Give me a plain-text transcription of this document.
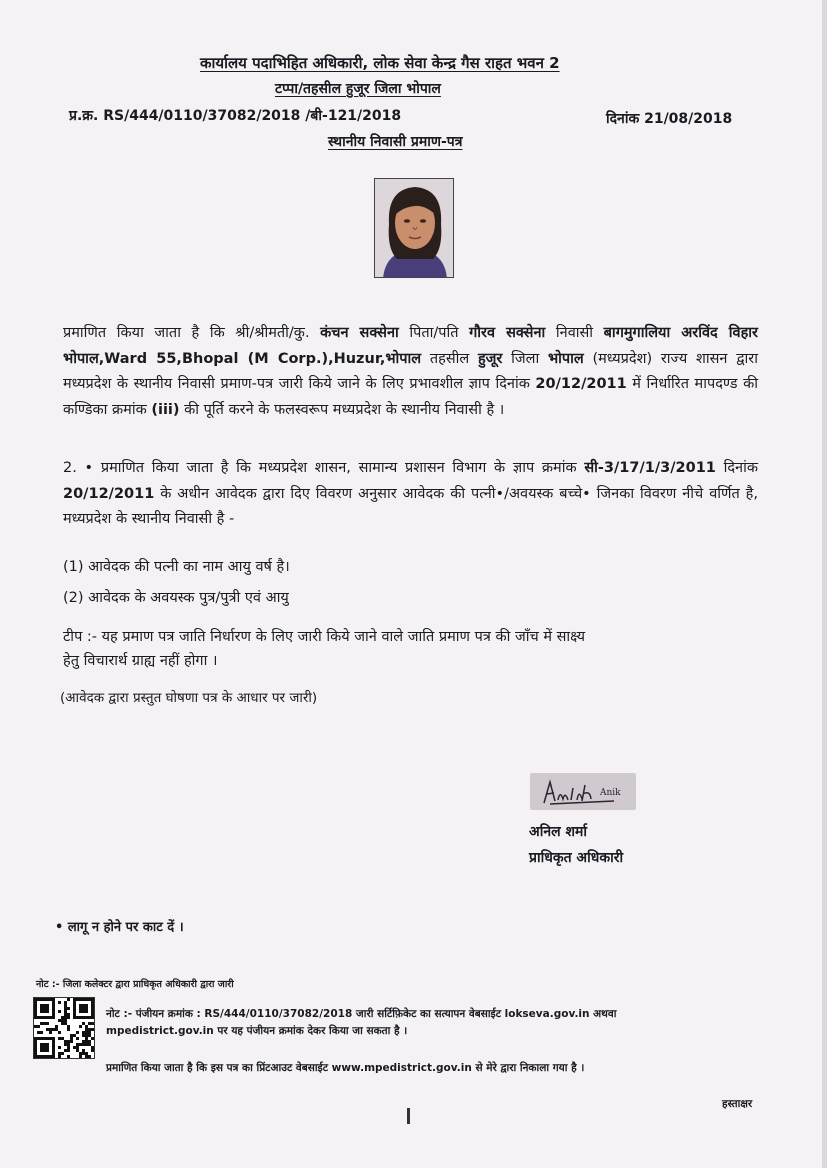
कार्यालय पदाभिहित अधिकारी, लोक सेवा केन्द्र गैस राहत भवन 2
टप्पा/तहसील हुजूर जिला भोपाल
प्र.क्र. RS/444/0110/37082/2018 /बी-121/2018	दिनांक 21/08/2018
स्थानीय निवासी प्रमाण-पत्र
प्रमाणित किया जाता है कि श्री/श्रीमती/कु. कंचन सक्सेना पिता/पति गौरव सक्सेना निवासी बागमुगालिया अरविंद विहार भोपाल,Ward 55,Bhopal (M Corp.),Huzur,भोपाल तहसील हुजूर जिला भोपाल (मध्यप्रदेश) राज्य शासन द्वारा मध्यप्रदेश के स्थानीय निवासी प्रमाण-पत्र जारी किये जाने के लिए प्रभावशील ज्ञाप दिनांक 20/12/2011 में निर्धारित मापदण्ड की कण्डिका क्रमांक (iii) की पूर्ति करने के फलस्वरूप मध्यप्रदेश के स्थानीय निवासी है ।
2. • प्रमाणित किया जाता है कि मध्यप्रदेश शासन, सामान्य प्रशासन विभाग के ज्ञाप क्रमांक सी-3/17/1/3/2011 दिनांक 20/12/2011 के अधीन आवेदक द्वारा दिए विवरण अनुसार आवेदक की पत्नी•/अवयस्क बच्चे• जिनका विवरण नीचे वर्णित है, मध्यप्रदेश के स्थानीय निवासी है -
(1) आवेदक की पत्नी का नाम आयु वर्ष है।
(2) आवेदक के अवयस्क पुत्र/पुत्री एवं आयु
टीप :- यह प्रमाण पत्र जाति निर्धारण के लिए जारी किये जाने वाले जाति प्रमाण पत्र की जाँच में साक्ष्य
हेतु विचारार्थ ग्राह्य नहीं होगा ।
(आवेदक द्वारा प्रस्तुत घोषणा पत्र के आधार पर जारी)
Anik
अनिल शर्मा
प्राधिकृत अधिकारी
• लागू न होने पर काट दें ।
नोट :- जिला कलेक्टर द्वारा प्राधिकृत अधिकारी द्वारा जारी
नोट :- पंजीयन क्रमांक : RS/444/0110/37082/2018 जारी सर्टिफ़िकेट का सत्यापन वेबसाईट lokseva.gov.in अथवा
mpedistrict.gov.in पर यह पंजीयन क्रमांक देकर किया जा सकता है ।
प्रमाणित किया जाता है कि इस पत्र का प्रिंटआउट वेबसाईट www.mpedistrict.gov.in से मेरे द्वारा निकाला गया है ।
हस्ताक्षर
